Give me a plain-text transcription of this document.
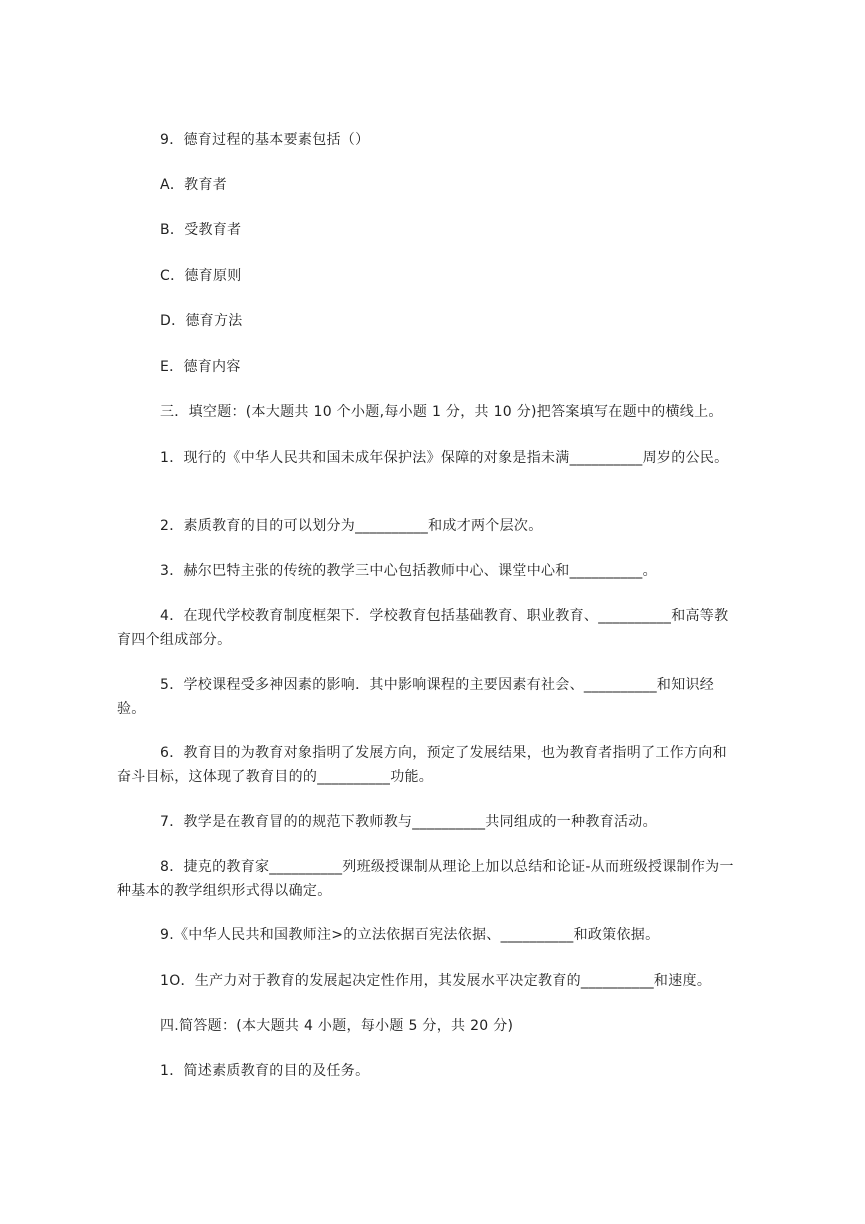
9．德育过程的基本要素包括（）
A．教育者
B．受教育者
C．德育原则
D．德育方法
E．德育内容
三．填空题：(本大题共 10 个小题,每小题 1 分，共 10 分)把答案填写在题中的横线上。
1．现行的《中华人民共和国未成年保护法》保障的对象是指未满__________周岁的公民。
2．素质教育的目的可以划分为__________和成才两个层次。
3．赫尔巴特主张的传统的教学三中心包括教师中心、课堂中心和__________。
4．在现代学校教育制度框架下．学校教育包括基础教育、职业教育、__________和高等教育四个组成部分。
5．学校课程受多神因素的影响．其中影响课程的主要因素有社会、__________和知识经验。
6．教育目的为教育对象指明了发展方向，预定了发展结果，也为教育者指明了工作方向和奋斗目标，这体现了教育目的的__________功能。
7．教学是在教育冒的的规范下教师教与__________共同组成的一种教育活动。
8．捷克的教育家__________列班级授课制从理论上加以总结和论证-从而班级授课制作为一种基本的教学组织形式得以确定。
9.《中华人民共和国教师注>的立法依据百宪法依据、__________和政策依据。
1O．生产力对于教育的发展起决定性作用，其发展水平决定教育的__________和速度。
四.简答题：(本大题共 4 小题，每小题 5 分，共 20 分)
1．简述素质教育的目的及任务。
